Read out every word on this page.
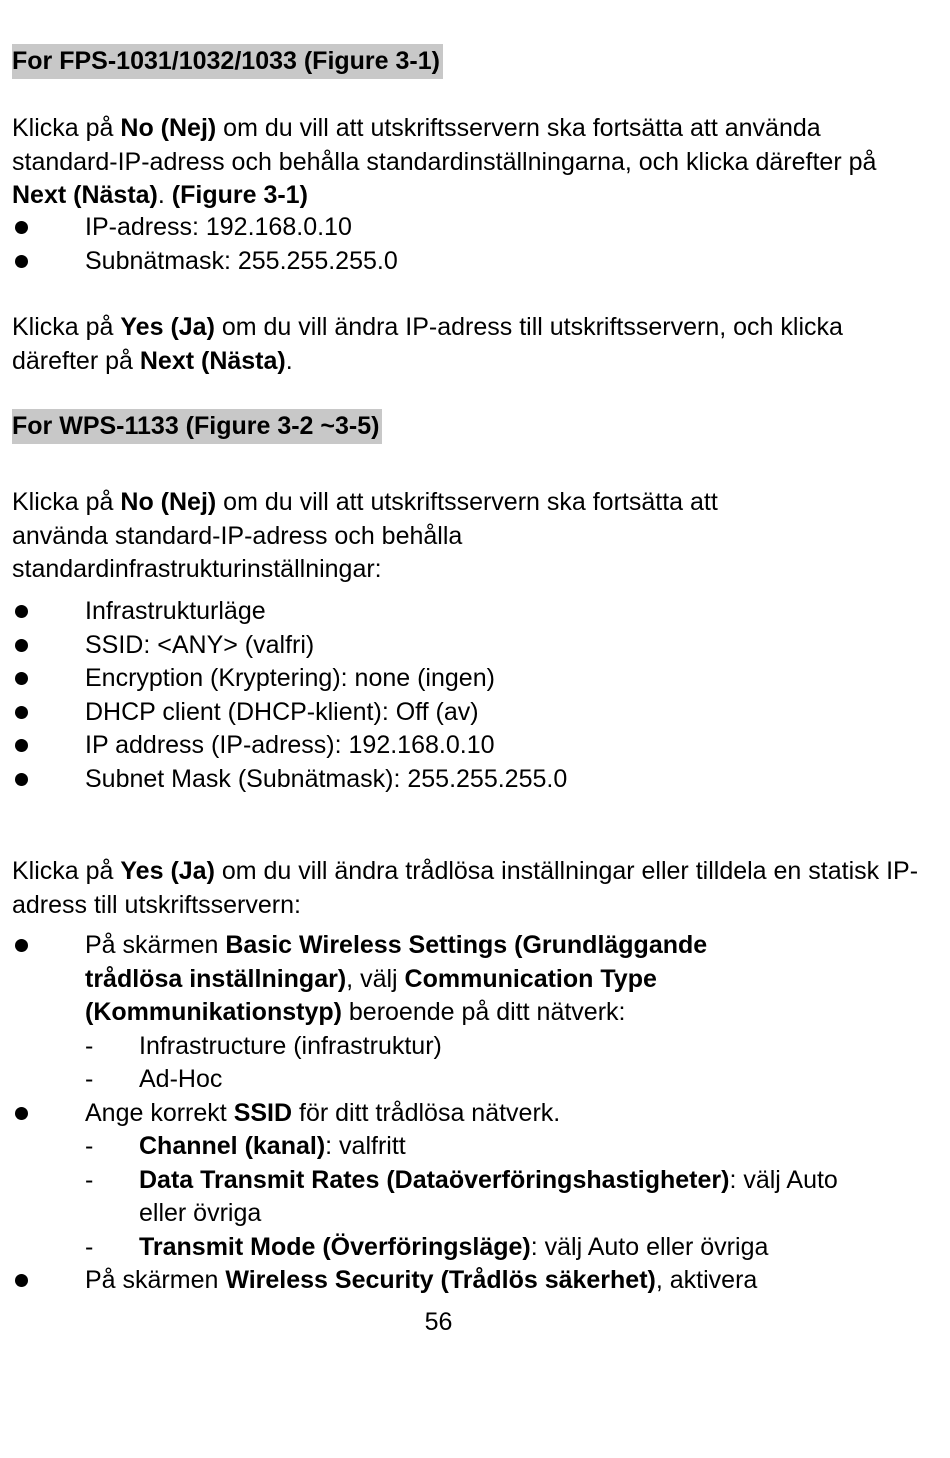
For FPS-1031/1032/1033 (Figure 3-1)

Klicka på No (Nej) om du vill att utskriftsservern ska fortsätta att använda standard-IP-adress och behålla standardinställningarna, och klicka därefter på Next (Nästa). (Figure 3-1)

IP-adress: 192.168.0.10
Subnätmask: 255.255.255.0

Klicka på Yes (Ja) om du vill ändra IP-adress till utskriftsservern, och klicka därefter på Next (Nästa).

For WPS-1133 (Figure 3-2 ~3-5)

Klicka på No (Nej) om du vill att utskriftsservern ska fortsätta att använda standard-IP-adress och behålla standardinfrastrukturinställningar:

Infrastrukturläge
SSID: <ANY> (valfri)
Encryption (Kryptering): none (ingen)
DHCP client (DHCP-klient): Off (av)
IP address (IP-adress): 192.168.0.10
Subnet Mask (Subnätmask): 255.255.255.0

Klicka på Yes (Ja) om du vill ändra trådlösa inställningar eller tilldela en statisk IP-adress till utskriftsservern:

På skärmen Basic Wireless Settings (Grundläggande trådlösa inställningar), välj Communication Type (Kommunikationstyp) beroende på ditt nätverk:
- Infrastructure (infrastruktur)
- Ad-Hoc
Ange korrekt SSID för ditt trådlösa nätverk.
- Channel (kanal): valfritt
- Data Transmit Rates (Dataöverföringshastigheter): välj Auto eller övriga
- Transmit Mode (Överföringsläge): välj Auto eller övriga
På skärmen Wireless Security (Trådlös säkerhet), aktivera
56
